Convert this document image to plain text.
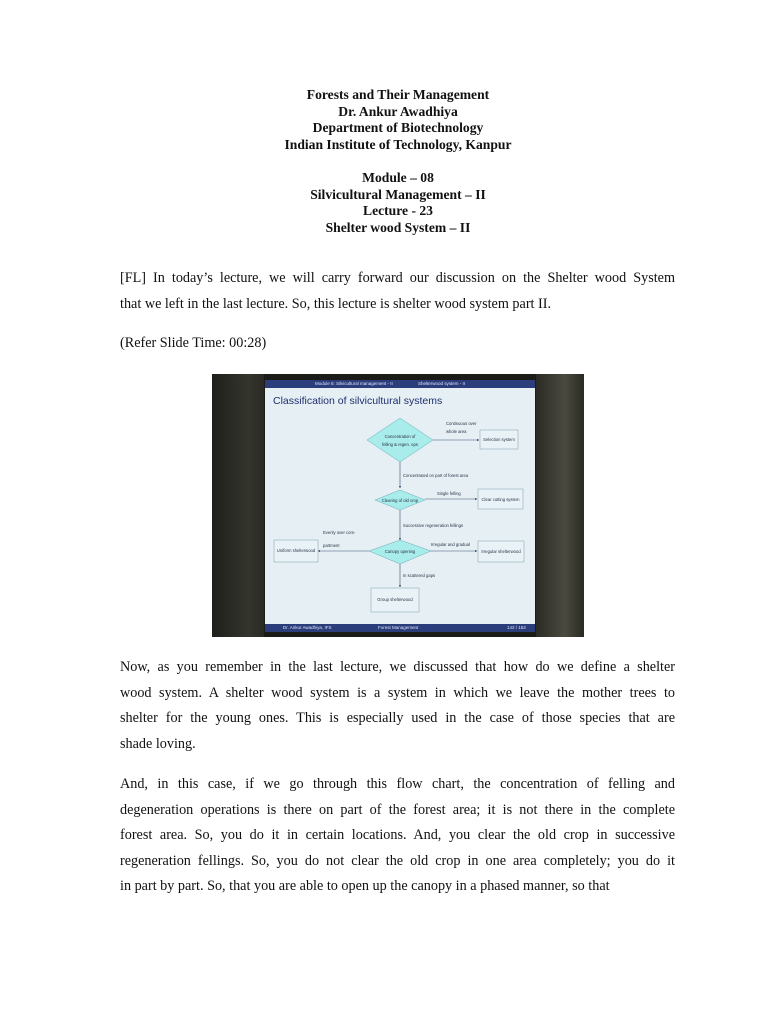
Forests and Their Management
Dr. Ankur Awadhiya
Department of Biotechnology
Indian Institute of Technology, Kanpur
Module – 08
Silvicultural Management – II
Lecture - 23
Shelter wood System – II
[FL] In today’s lecture, we will carry forward our discussion on the Shelter wood System
that we left in the last lecture. So, this lecture is shelter wood system part II.
(Refer Slide Time: 00:28)
Module 8: Silvicultural management - II	Shelterwood system - II
Classification of silvicultural systems
Concentration of
felling & regen. ops
Clearing of old crop
Canopy opening
Selection system
Clear cutting system
Uniform shelterwood	Irregular shelterwood
Group shelterwood
Continuous over
whole area
Concentrated on part of forest area
Single felling
Successive regeneration fellings
Evenly over com-
partment	Irregular and gradual
In scattered gaps
Dr. Ankur Awadhiya, IFS	Forest Management	142 / 153
Now, as you remember in the last lecture, we discussed that how do we define a shelter
wood system. A shelter wood system is a system in which we leave the mother trees to
shelter for the young ones. This is especially used in the case of those species that are
shade loving.
And, in this case, if we go through this flow chart, the concentration of felling and
degeneration operations is there on part of the forest area; it is not there in the complete
forest area. So, you do it in certain locations. And, you clear the old crop in successive
regeneration fellings. So, you do not clear the old crop in one area completely; you do it
in part by part. So, that you are able to open up the canopy in a phased manner, so that
